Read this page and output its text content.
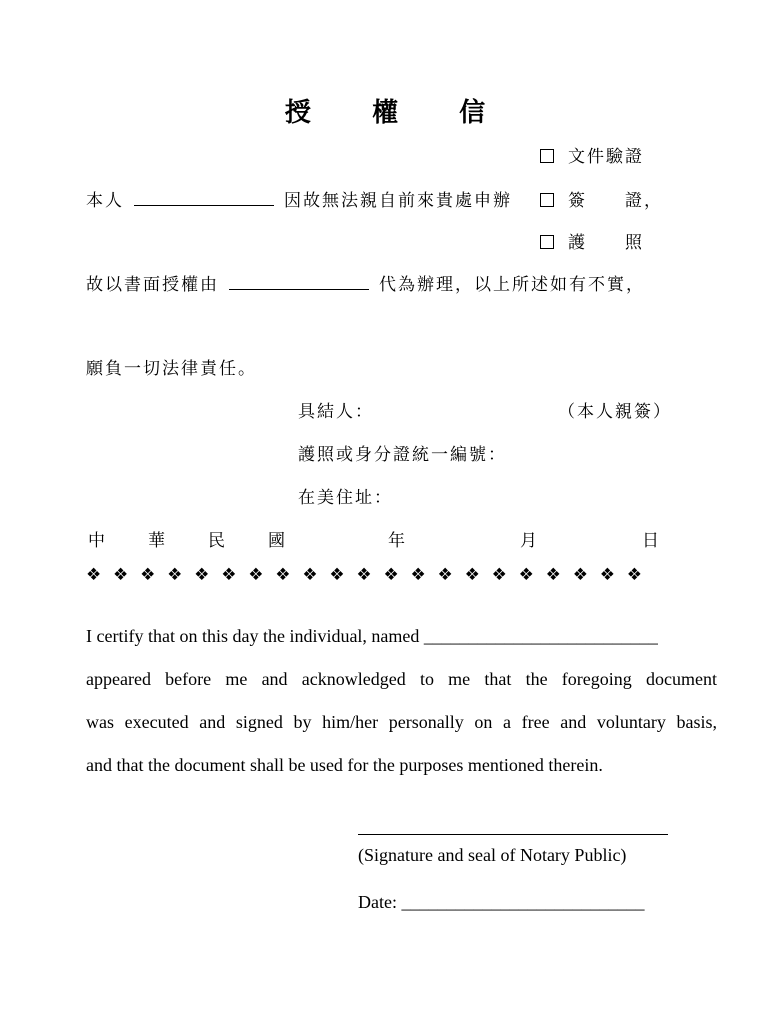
授 權 信
文件驗證
簽　　證，
護　　照
本人	因故無法親自前來貴處申辦
故以書面授權由	代為辦理，以上所述如有不實，
願負一切法律責任。
具結人：	（本人親簽）
護照或身分證統一編號：
在美住址：
中	華	民	國	年	月	日
❖❖❖❖❖❖❖❖❖❖❖❖❖❖❖❖❖❖❖❖❖
I certify that on this day the individual, named __________________________
appeared before me and acknowledged to me that the foregoing document
was executed and signed by him/her personally on a free and voluntary basis,
and that the document shall be used for the purposes mentioned therein.
(Signature and seal of Notary Public)
Date: ___________________________
